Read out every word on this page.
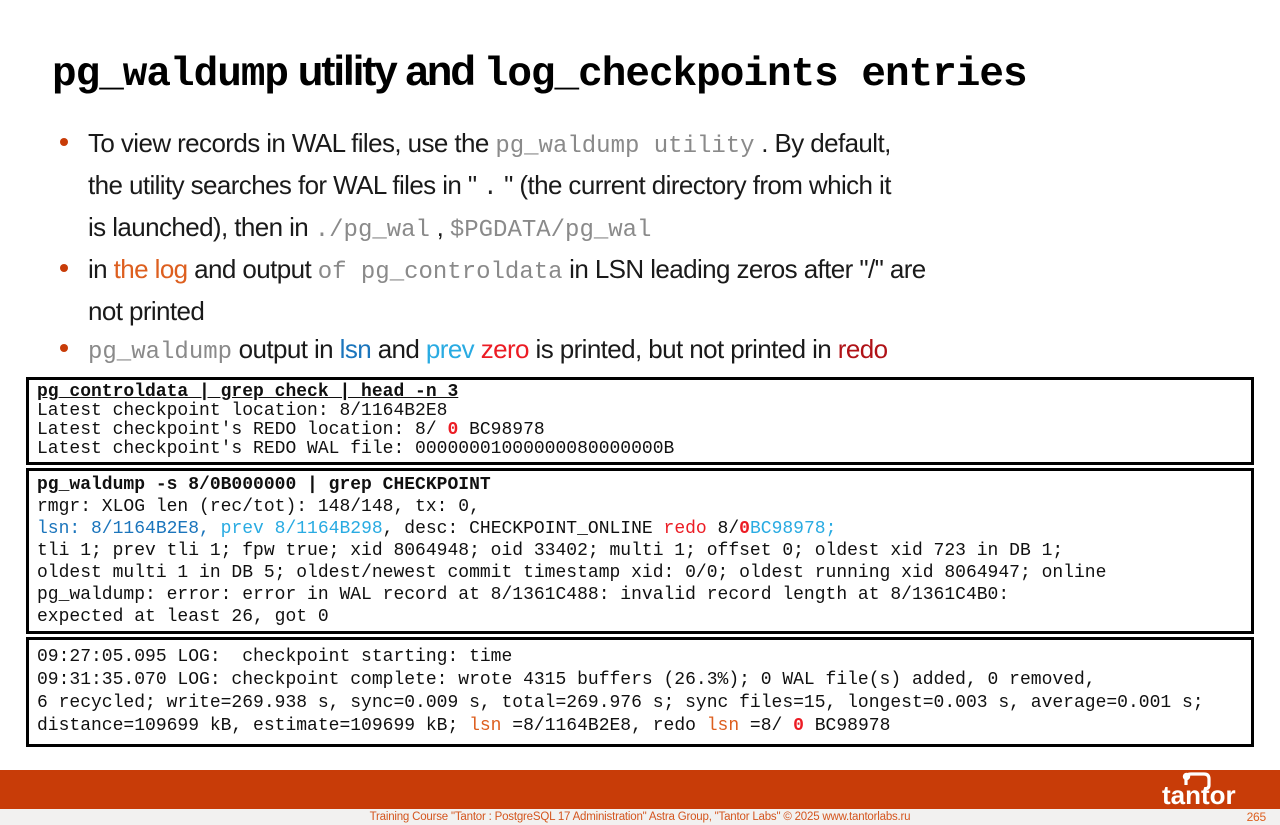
pg_waldump utility and log_checkpoints entries
To view records in WAL files, use the pg_waldump utility . By default,
the utility searches for WAL files in " . " (the current directory from which it
is launched), then in ./pg_wal , $PGDATA/pg_wal
in the log and output of pg_controldata in LSN leading zeros after "/" are
not printed
pg_waldump output in lsn and prev zero is printed, but not printed in redo
pg_controldata | grep check | head -n 3
Latest checkpoint location: 8/1164B2E8
Latest checkpoint's REDO location: 8/ 0 BC98978
Latest checkpoint's REDO WAL file: 00000001000000080000000B
pg_waldump -s 8/0B000000 | grep CHECKPOINT
rmgr: XLOG len (rec/tot): 148/148, tx: 0,
lsn: 8/1164B2E8, prev 8/1164B298, desc: CHECKPOINT_ONLINE redo 8/0BC98978;
tli 1; prev tli 1; fpw true; xid 8064948; oid 33402; multi 1; offset 0; oldest xid 723 in DB 1;
oldest multi 1 in DB 5; oldest/newest commit timestamp xid: 0/0; oldest running xid 8064947; online
pg_waldump: error: error in WAL record at 8/1361C488: invalid record length at 8/1361C4B0:
expected at least 26, got 0
09:27:05.095 LOG:  checkpoint starting: time
09:31:35.070 LOG: checkpoint complete: wrote 4315 buffers (26.3%); 0 WAL file(s) added, 0 removed,
6 recycled; write=269.938 s, sync=0.009 s, total=269.976 s; sync files=15, longest=0.003 s, average=0.001 s;
distance=109699 kB, estimate=109699 kB; lsn =8/1164B2E8, redo lsn =8/ 0 BC98978
tantor
Training Course "Tantor : PostgreSQL 17 Administration" Astra Group, "Tantor Labs" © 2025 www.tantorlabs.ru	265
